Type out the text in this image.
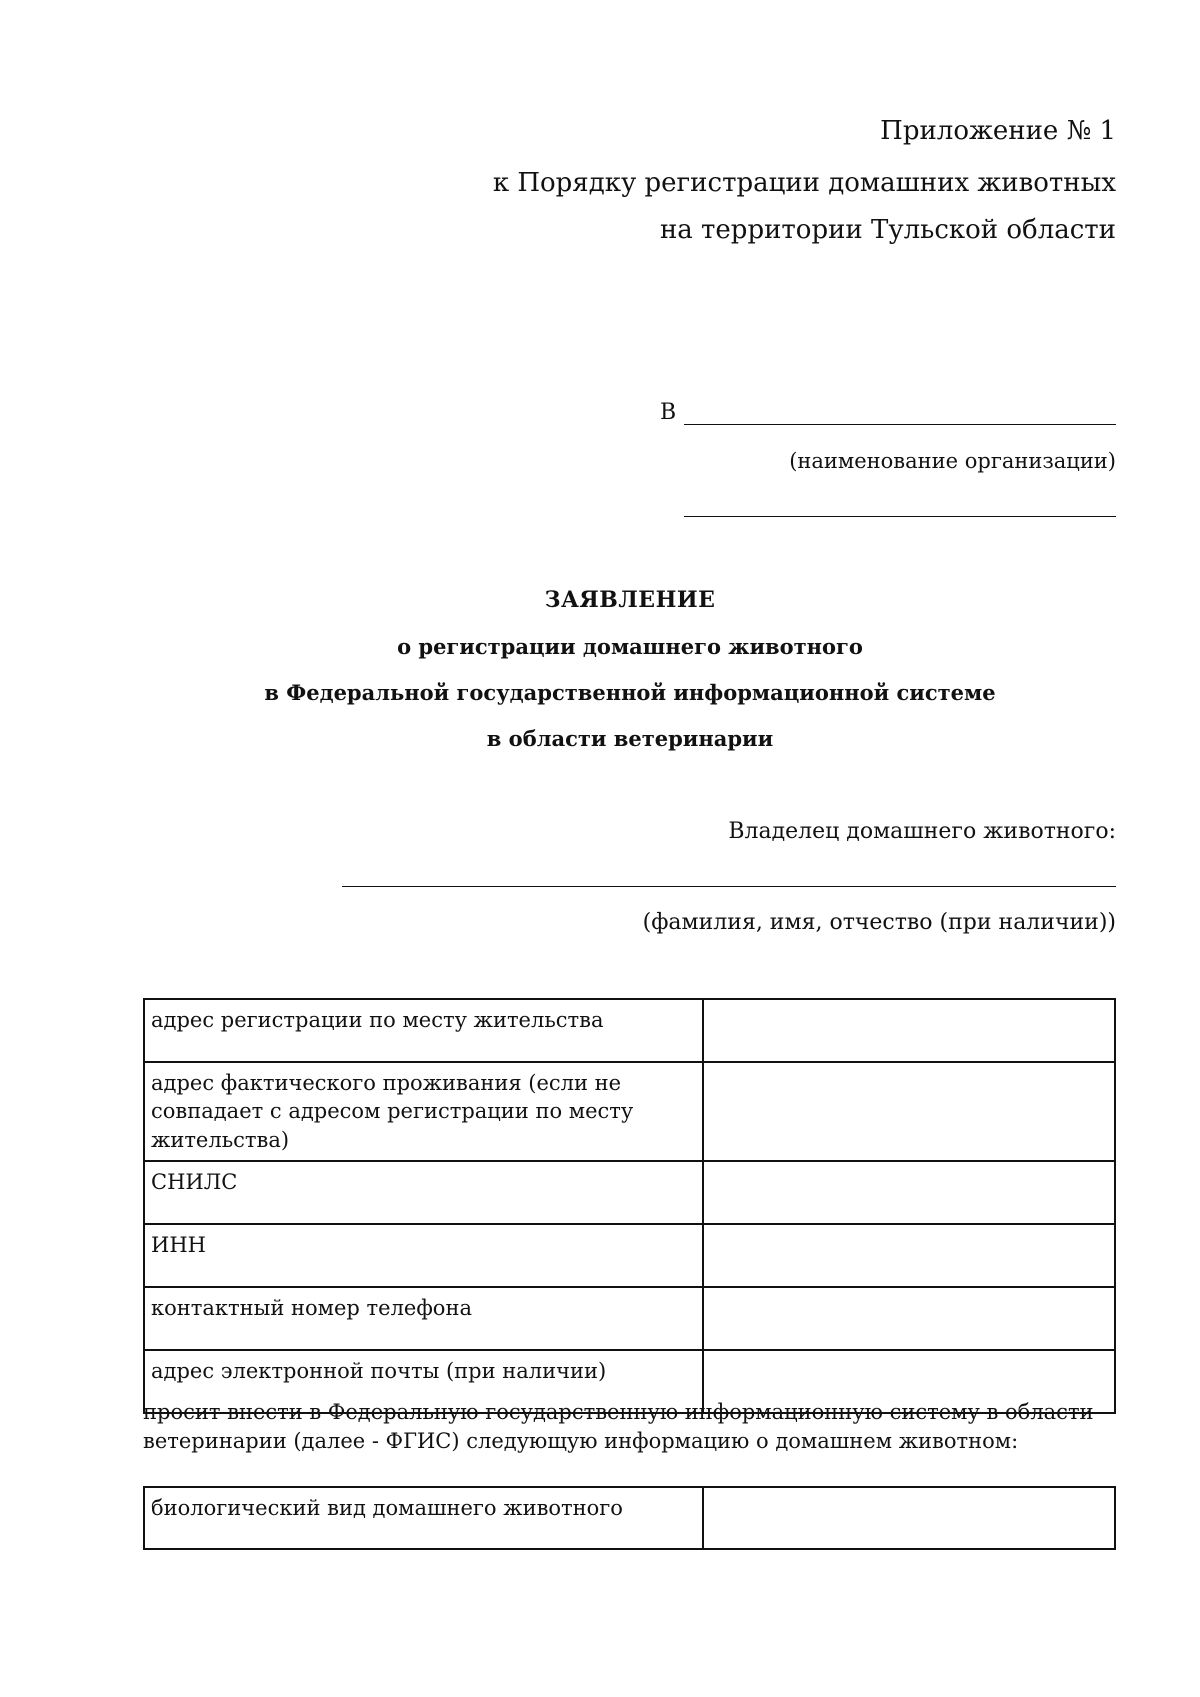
Приложение № 1

к Порядку регистрации домашних животных

на территории Тульской области

В
(наименование организации)
ЗАЯВЛЕНИЕ
о регистрации домашнего животного
в Федеральной государственной информационной системе
в области ветеринарии
Владелец домашнего животного:
(фамилия, имя, отчество (при наличии))
адрес регистрации по месту жительства	
адрес фактического проживания (если не совпадает с адресом регистрации по месту жительства)	
СНИЛС	
ИНН	
контактный номер телефона	
адрес электронной почты (при наличии)	

просит внести в Федеральную государственную информационную систему в области ветеринарии (далее - ФГИС) следующую информацию о домашнем животном:

биологический вид домашнего животного	
